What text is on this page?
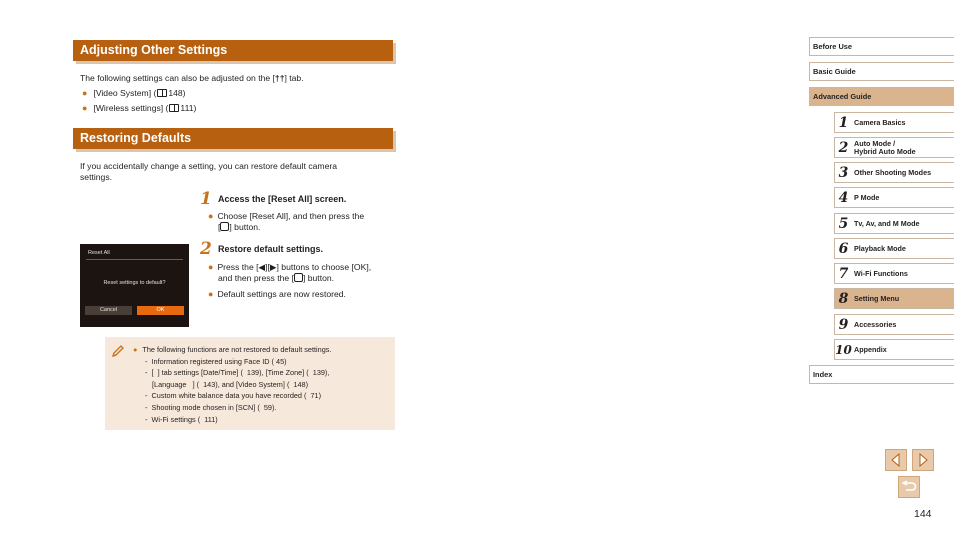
Adjusting Other Settings
The following settings can also be adjusted on the [††] tab.
● [Video System] ( 148)
● [Wireless settings] ( 111)
Restoring Defaults
If you accidentally change a setting, you can restore default camera
settings.
1 Access the [Reset All] screen.
● Choose [Reset All], and then press the
[ ] button.
Reset All
Reset settings to default?
Cancel	OK
2 Restore default settings.
● Press the [◀][▶] buttons to choose [OK],
and then press the [ ] button.
● Default settings are now restored.
● The following functions are not restored to default settings.
-  Information registered using Face ID ( 45)
-  [  ] tab settings [Date/Time] (  139), [Time Zone] (  139),
[Language   ] (  143), and [Video System] (  148)
-  Custom white balance data you have recorded (  71)
-  Shooting mode chosen in [SCN] (  59).
-  Wi-Fi settings (  111)
Before Use
Basic Guide
Advanced Guide
1 Camera Basics
2 Auto Mode /
Hybrid Auto Mode
3 Other Shooting Modes
4 P Mode
5 Tv, Av, and M Mode
6 Playback Mode
7 Wi-Fi Functions
8 Setting Menu
9 Accessories
10 Appendix
Index
144
